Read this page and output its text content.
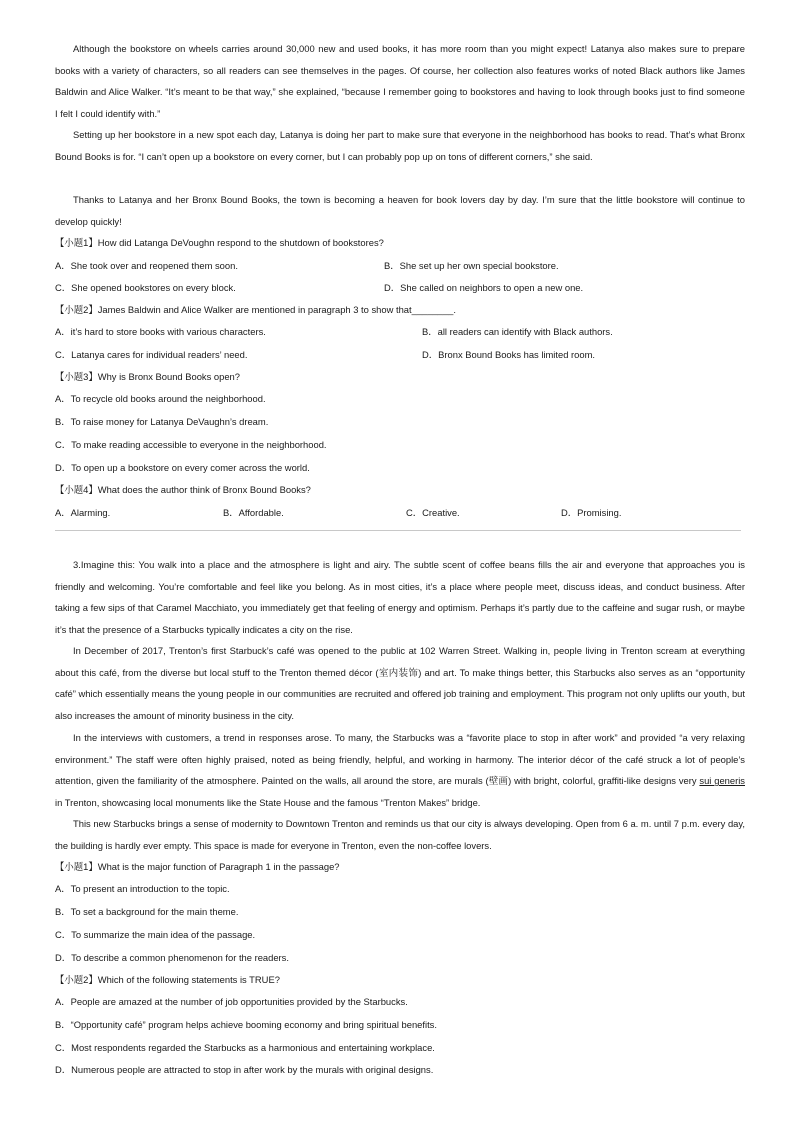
Although the bookstore on wheels carries around 30,000 new and used books, it has more room than you might expect! Latanya also makes sure to prepare books with a variety of characters, so all readers can see themselves in the pages. Of course, her collection also features works of noted Black authors like James Baldwin and Alice Walker. “It’s meant to be that way,” she explained, “because I remember going to bookstores and having to look through books just to find someone I felt I could identify with.”

Setting up her bookstore in a new spot each day, Latanya is doing her part to make sure that everyone in the neighborhood has books to read. That’s what Bronx Bound Books is for. “I can’t open up a bookstore on every corner, but I can probably pop up on tons of different corners,” she said.

Thanks to Latanya and her Bronx Bound Books, the town is becoming a heaven for book lovers day by day. I’m sure that the little bookstore will continue to develop quickly!

【小题1】How did Latanga DeVoughn respond to the shutdown of bookstores?
A．She took over and reopened them soon.	B．She set up her own special bookstore.
C．She opened bookstores on every block.	D．She called on neighbors to open a new one.
【小题2】James Baldwin and Alice Walker are mentioned in paragraph 3 to show that________.
A．it’s hard to store books with various characters.	B．all readers can identify with Black authors.
C．Latanya cares for individual readers’ need.	D．Bronx Bound Books has limited room.
【小题3】Why is Bronx Bound Books open?
A．To recycle old books around the neighborhood.
B．To raise money for Latanya DeVaughn’s dream.
C．To make reading accessible to everyone in the neighborhood.
D．To open up a bookstore on every comer across the world.
【小题4】What does the author think of Bronx Bound Books?
A．Alarming.	B．Affordable.	C．Creative.	D．Promising.

3.Imagine this: You walk into a place and the atmosphere is light and airy. The subtle scent of coffee beans fills the air and everyone that approaches you is friendly and welcoming. You’re comfortable and feel like you belong. As in most cities, it’s a place where people meet, discuss ideas, and conduct business. After taking a few sips of that Caramel Macchiato, you immediately get that feeling of energy and optimism. Perhaps it’s partly due to the caffeine and sugar rush, or maybe it’s that the presence of a Starbucks typically indicates a city on the rise.

In December of 2017, Trenton’s first Starbuck’s café was opened to the public at 102 Warren Street. Walking in, people living in Trenton scream at everything about this café, from the diverse but local stuff to the Trenton themed décor (室内装饰) and art. To make things better, this Starbucks also serves as an “opportunity café” which essentially means the young people in our communities are recruited and offered job training and employment. This program not only uplifts our youth, but also increases the amount of minority business in the city.

In the interviews with customers, a trend in responses arose. To many, the Starbucks was a “favorite place to stop in after work” and provided “a very relaxing environment.” The staff were often highly praised, noted as being friendly, helpful, and working in harmony. The interior décor of the café struck a lot of people’s attention, given the familiarity of the atmosphere. Painted on the walls, all around the store, are murals (壁画) with bright, colorful, graffiti-like designs very sui generis in Trenton, showcasing local monuments like the State House and the famous “Trenton Makes” bridge.

This new Starbucks brings a sense of modernity to Downtown Trenton and reminds us that our city is always developing. Open from 6 a. m. until 7 p.m. every day, the building is hardly ever empty. This space is made for everyone in Trenton, even the non-coffee lovers.

【小题1】What is the major function of Paragraph 1 in the passage?
A．To present an introduction to the topic.
B．To set a background for the main theme.
C．To summarize the main idea of the passage.
D．To describe a common phenomenon for the readers.
【小题2】Which of the following statements is TRUE?
A．People are amazed at the number of job opportunities provided by the Starbucks.
B．“Opportunity café” program helps achieve booming economy and bring spiritual benefits.
C．Most respondents regarded the Starbucks as a harmonious and entertaining workplace.
D．Numerous people are attracted to stop in after work by the murals with original designs.
